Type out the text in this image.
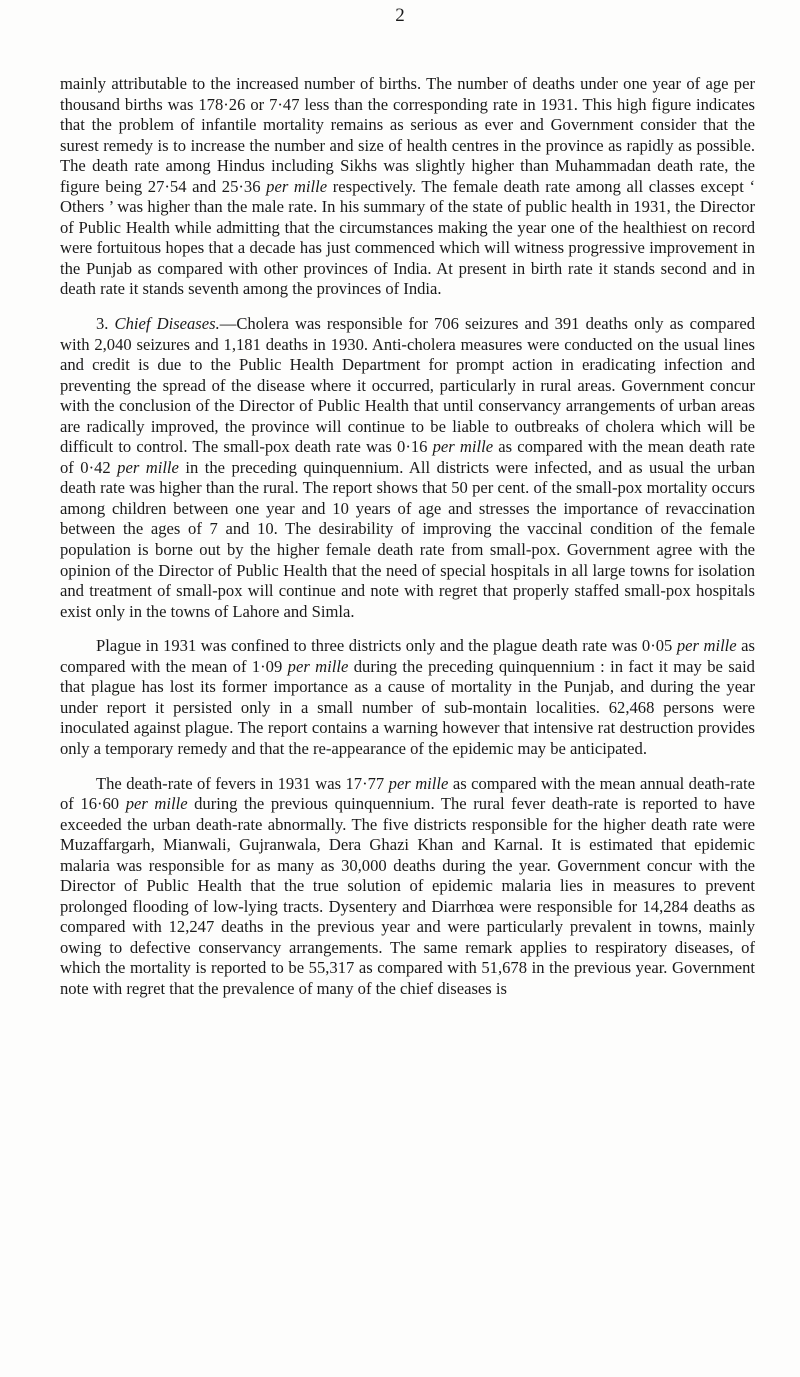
2

mainly attributable to the increased number of births. The number of deaths under one year of age per thousand births was 178·26 or 7·47 less than the corresponding rate in 1931. This high figure indicates that the problem of infantile mortality remains as serious as ever and Government consider that the surest remedy is to increase the number and size of health centres in the province as rapidly as possible. The death rate among Hindus including Sikhs was slightly higher than Muhammadan death rate, the figure being 27·54 and 25·36 per mille respectively. The female death rate among all classes except ‘ Others ’ was higher than the male rate. In his summary of the state of public health in 1931, the Director of Public Health while admitting that the circumstances making the year one of the healthiest on record were fortuitous hopes that a decade has just commenced which will witness progressive improvement in the Punjab as compared with other provinces of India. At present in birth rate it stands second and in death rate it stands seventh among the provinces of India.

3. Chief Diseases.—Cholera was responsible for 706 seizures and 391 deaths only as compared with 2,040 seizures and 1,181 deaths in 1930. Anti-cholera measures were conducted on the usual lines and credit is due to the Public Health Department for prompt action in eradicating infection and preventing the spread of the disease where it occurred, particularly in rural areas. Government concur with the conclusion of the Director of Public Health that until conservancy arrangements of urban areas are radically improved, the province will continue to be liable to outbreaks of cholera which will be difficult to control. The small-pox death rate was 0·16 per mille as compared with the mean death rate of 0·42 per mille in the preceding quinquennium. All districts were infected, and as usual the urban death rate was higher than the rural. The report shows that 50 per cent. of the small-pox mortality occurs among children between one year and 10 years of age and stresses the importance of revaccination between the ages of 7 and 10. The desirability of improving the vaccinal condition of the female population is borne out by the higher female death rate from small-pox. Government agree with the opinion of the Director of Public Health that the need of special hospitals in all large towns for isolation and treatment of small-pox will continue and note with regret that properly staffed small-pox hospitals exist only in the towns of Lahore and Simla.

Plague in 1931 was confined to three districts only and the plague death rate was 0·05 per mille as compared with the mean of 1·09 per mille during the preceding quinquennium : in fact it may be said that plague has lost its former importance as a cause of mortality in the Punjab, and during the year under report it persisted only in a small number of sub-montain localities. 62,468 persons were inoculated against plague. The report contains a warning however that intensive rat destruction provides only a temporary remedy and that the re-appearance of the epidemic may be anticipated.

The death-rate of fevers in 1931 was 17·77 per mille as compared with the mean annual death-rate of 16·60 per mille during the previous quinquennium. The rural fever death-rate is reported to have exceeded the urban death-rate abnormally. The five districts responsible for the higher death rate were Muzaffargarh, Mianwali, Gujranwala, Dera Ghazi Khan and Karnal. It is estimated that epidemic malaria was responsible for as many as 30,000 deaths during the year. Government concur with the Director of Public Health that the true solution of epidemic malaria lies in measures to prevent prolonged flooding of low-lying tracts. Dysentery and Diarrhœa were responsible for 14,284 deaths as compared with 12,247 deaths in the previous year and were particularly prevalent in towns, mainly owing to defective conservancy arrangements. The same remark applies to respiratory diseases, of which the mortality is reported to be 55,317 as compared with 51,678 in the previous year. Government note with regret that the prevalence of many of the chief diseases is
